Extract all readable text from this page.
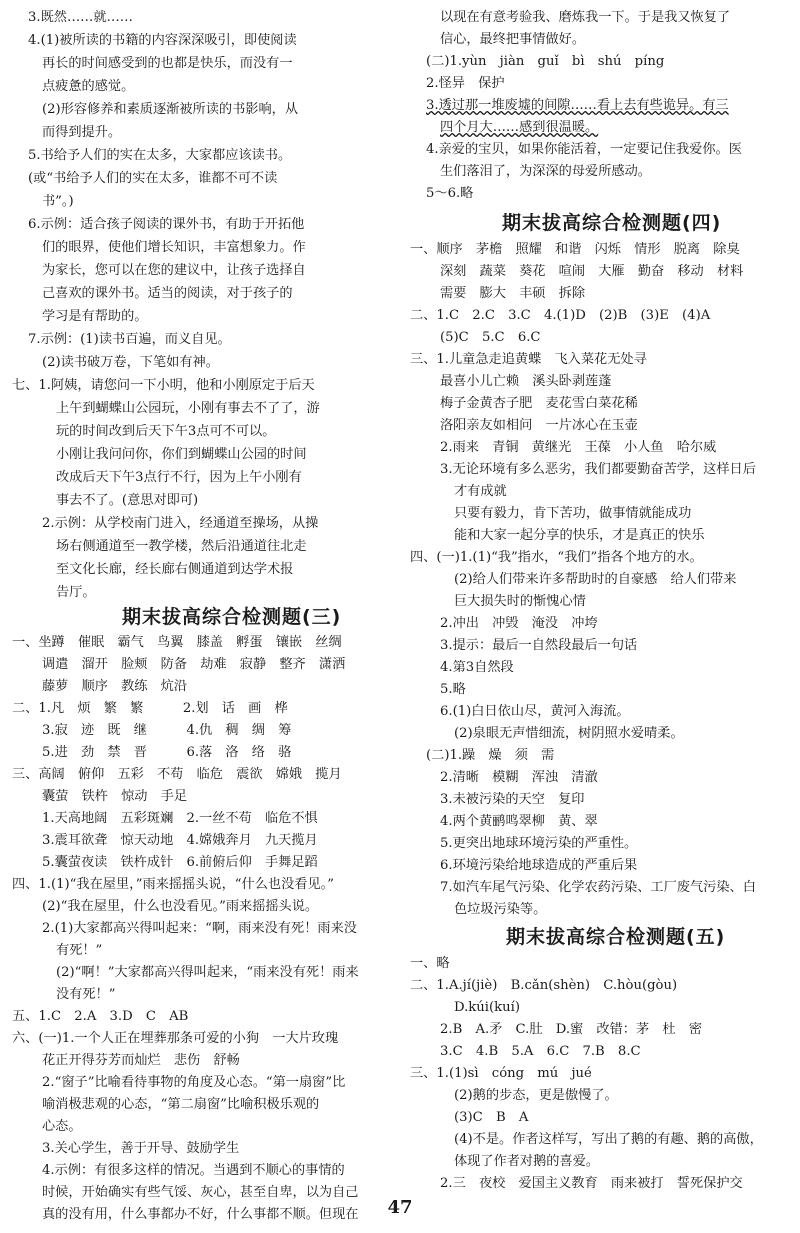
3.既然……就……
4.(1)被所读的书籍的内容深深吸引，即使阅读
再长的时间感受到的也都是快乐，而没有一
点疲惫的感觉。
(2)形容修养和素质逐渐被所读的书影响，从
而得到提升。
5.书给予人们的实在太多，大家都应该读书。
(或“书给予人们的实在太多，谁都不可不读
书”。)
6.示例：适合孩子阅读的课外书，有助于开拓他
们的眼界，使他们增长知识，丰富想象力。作
为家长，您可以在您的建议中，让孩子选择自
己喜欢的课外书。适当的阅读，对于孩子的
学习是有帮助的。
7.示例：(1)读书百遍，而义自见。
(2)读书破万卷，下笔如有神。
七、1.阿姨，请您问一下小明，他和小刚原定于后天
上午到蝴蝶山公园玩，小刚有事去不了了，游
玩的时间改到后天下午3点可不可以。
小刚让我问问你，你们到蝴蝶山公园的时间
改成后天下午3点行不行，因为上午小刚有
事去不了。(意思对即可)
2.示例：从学校南门进入，经通道至操场，从操
场右侧通道至一教学楼，然后沿通道往北走
至文化长廊，经长廊右侧通道到达学术报
告厅。
期末拔高综合检测题(三)
一、坐蹲　催眠　霸气　鸟翼　膝盖　孵蛋　镶嵌　丝绸
调遣　溜开　脸颊　防备　劫难　寂静　整齐　潇洒
藤萝　顺序　教练　炕沿
二、1.凡　烦　繁　繁　　　2.划　话　画　桦
3.寂　迹　既　继　　　4.仇　稠　绸　筹
5.进　劲　禁　晋　　　6.落　洛　络　骆
三、高阔　俯仰　五彩　不苟　临危　震欲　嫦娥　揽月
囊萤　铁杵　惊动　手足
1.天高地阔　五彩斑斓　2.一丝不苟　临危不惧
3.震耳欲聋　惊天动地　4.嫦娥奔月　九天揽月
5.囊萤夜读　铁杵成针　6.前俯后仰　手舞足蹈
四、1.(1)“我在屋里，”雨来摇摇头说，“什么也没看见。”
(2)“我在屋里，什么也没看见。”雨来摇摇头说。
2.(1)大家都高兴得叫起来：“啊，雨来没有死！雨来没
有死！”
(2)“啊！”大家都高兴得叫起来，“雨来没有死！雨来
没有死！”
五、1.C　2.A　3.D　C　AB
六、(一)1.一个人正在埋葬那条可爱的小狗　一大片玫瑰
花正开得芬芳而灿烂　悲伤　舒畅
2.“窗子”比喻看待事物的角度及心态。“第一扇窗”比
喻消极悲观的心态，“第二扇窗”比喻积极乐观的
心态。
3.关心学生，善于开导、鼓励学生
4.示例：有很多这样的情况。当遇到不顺心的事情的
时候，开始确实有些气馁、灰心，甚至自卑，以为自己
真的没有用，什么事都办不好，什么事都不顺。但现在
以现在有意考验我、磨炼我一下。于是我又恢复了
信心，最终把事情做好。
(二)1.yùn　jiàn　guǐ　bì　shú　píng
2.怪异　保护
3.透过那一堆废墟的间隙……看上去有些诡异。有三
四个月大……感到很温暖。
4.亲爱的宝贝，如果你能活着，一定要记住我爱你。医
生们落泪了，为深深的母爱所感动。
5～6.略
期末拔高综合检测题(四)
一、顺序　茅檐　照耀　和谐　闪烁　情形　脱离　除臭
深刻　蔬菜　葵花　喧闹　大雁　勤奋　移动　材料
需要　膨大　丰硕　拆除
二、1.C　2.C　3.C　4.(1)D　(2)B　(3)E　(4)A
(5)C　5.C　6.C
三、1.儿童急走追黄蝶　飞入菜花无处寻
最喜小儿亡赖　溪头卧剥莲蓬
梅子金黄杏子肥　麦花雪白菜花稀
洛阳亲友如相问　一片冰心在玉壶
2.雨来　青铜　黄继光　王葆　小人鱼　哈尔威
3.无论环境有多么恶劣，我们都要勤奋苦学，这样日后
才有成就
只要有毅力，肯下苦功，做事情就能成功
能和大家一起分享的快乐，才是真正的快乐
四、(一)1.(1)“我”指水，“我们”指各个地方的水。
(2)给人们带来许多帮助时的自豪感　给人们带来
巨大损失时的惭愧心情
2.冲出　冲毁　淹没　冲垮
3.提示：最后一自然段最后一句话
4.第3自然段
5.略
6.(1)白日依山尽，黄河入海流。
(2)泉眼无声惜细流，树阴照水爱晴柔。
(二)1.躁　燥　须　需
2.清晰　模糊　浑浊　清澈
3.未被污染的天空　复印
4.两个黄鹂鸣翠柳　黄、翠
5.更突出地球环境污染的严重性。
6.环境污染给地球造成的严重后果
7.如汽车尾气污染、化学农药污染、工厂废气污染、白
色垃圾污染等。
期末拔高综合检测题(五)
一、略
二、1.A.jí(jiè)　B.cǎn(shèn)　C.hòu(gòu)
D.kúi(kuí)
2.B　A.矛　C.肚　D.蜜　改错：茅　杜　密
3.C　4.B　5.A　6.C　7.B　8.C
三、1.(1)sì　cóng　mú　jué
(2)鹅的步态，更是傲慢了。
(3)C　B　A
(4)不是。作者这样写，写出了鹅的有趣、鹅的高傲，
体现了作者对鹅的喜爱。
2.三　夜校　爱国主义教育　雨来被打　誓死保护交
47
